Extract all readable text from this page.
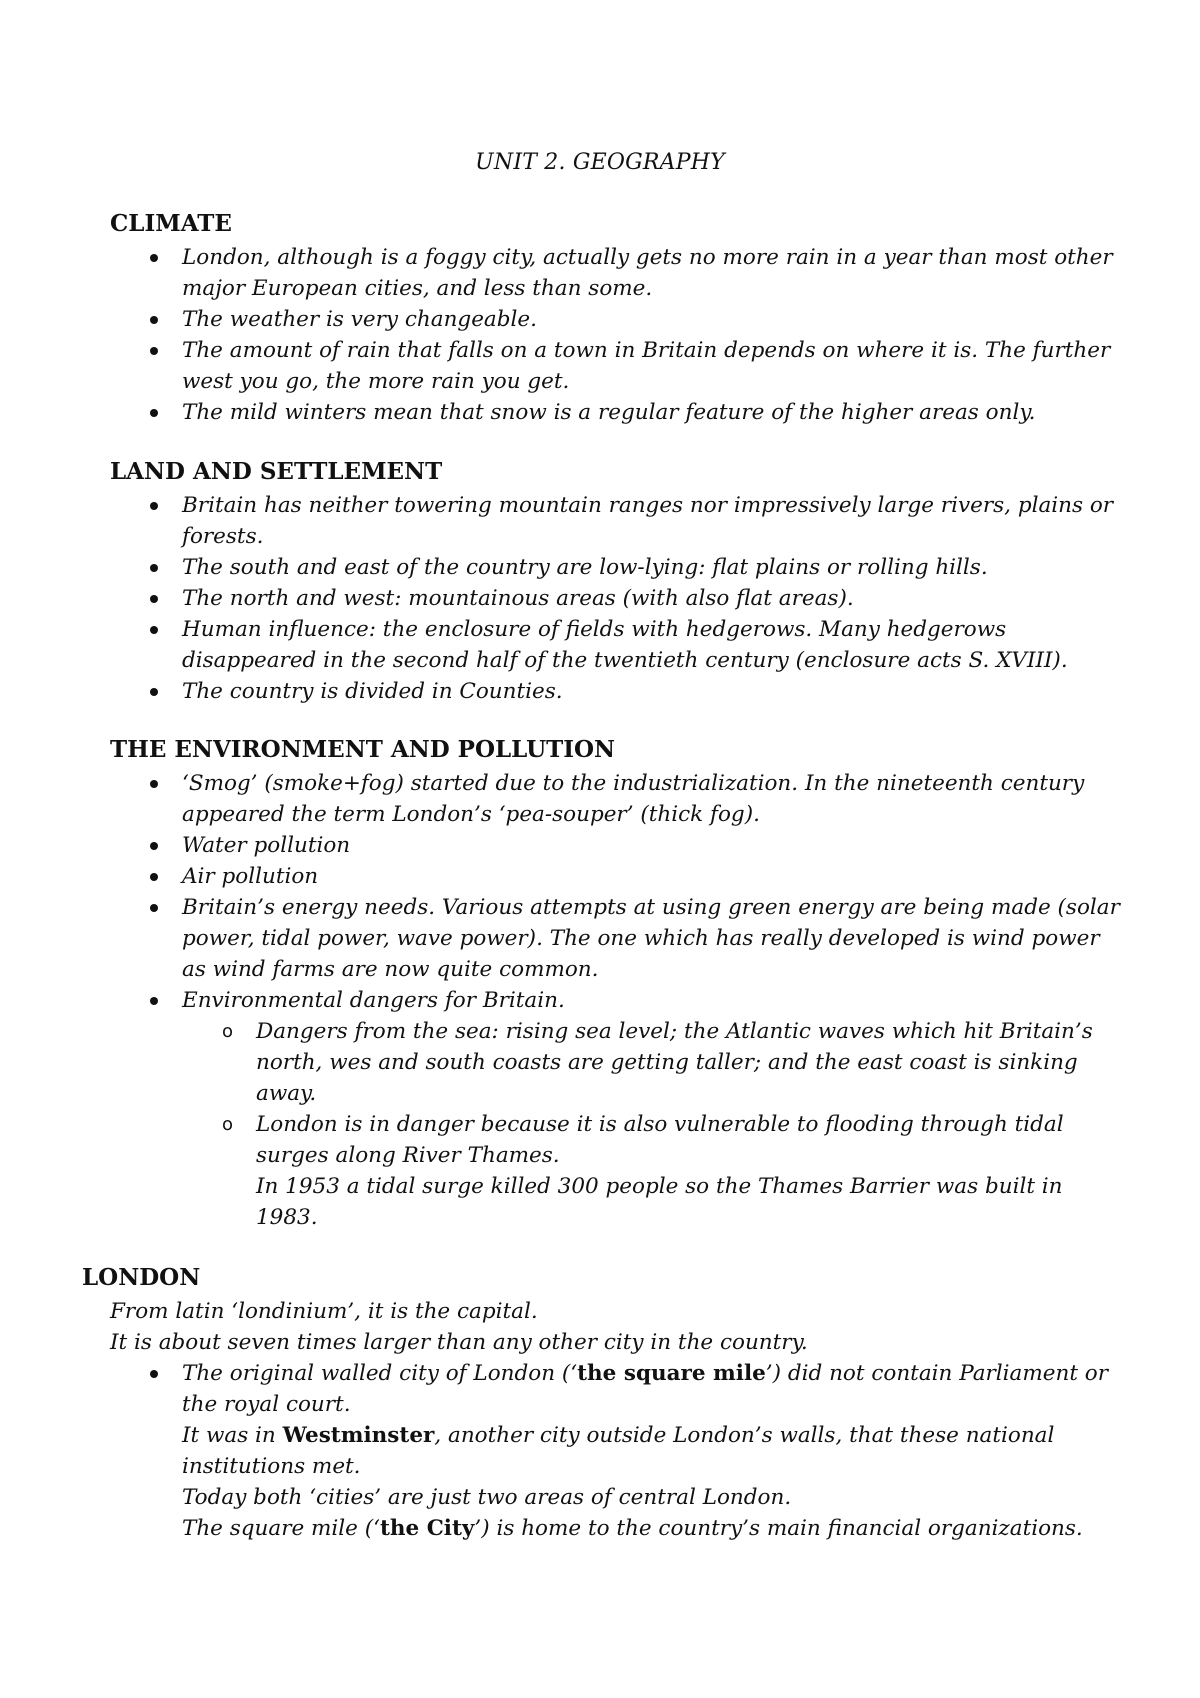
UNIT 2. GEOGRAPHY
CLIMATE
London, although is a foggy city, actually gets no more rain in a year than most other major European cities, and less than some.
The weather is very changeable.
The amount of rain that falls on a town in Britain depends on where it is. The further west you go, the more rain you get.
The mild winters mean that snow is a regular feature of the higher areas only.
LAND AND SETTLEMENT
Britain has neither towering mountain ranges nor impressively large rivers, plains or forests.
The south and east of the country are low-lying: flat plains or rolling hills.
The north and west: mountainous areas (with also flat areas).
Human influence: the enclosure of fields with hedgerows. Many hedgerows disappeared in the second half of the twentieth century (enclosure acts S. XVIII).
The country is divided in Counties.
THE ENVIRONMENT AND POLLUTION
‘Smog’ (smoke+fog) started due to the industrialization. In the nineteenth century appeared the term London’s ‘pea-souper’ (thick fog).
Water pollution
Air pollution
Britain’s energy needs. Various attempts at using green energy are being made (solar power, tidal power, wave power). The one which has really developed is wind power as wind farms are now quite common.
Environmental dangers for Britain.
o Dangers from the sea: rising sea level; the Atlantic waves which hit Britain’s north, wes and south coasts are getting taller; and the east coast is sinking away.
o London is in danger because it is also vulnerable to flooding through tidal surges along River Thames.
In 1953 a tidal surge killed 300 people so the Thames Barrier was built in 1983.
LONDON
From latin ‘londinium’, it is the capital.
It is about seven times larger than any other city in the country.
The original walled city of London (‘the square mile’) did not contain Parliament or the royal court.
It was in Westminster, another city outside London’s walls, that these national institutions met.
Today both ‘cities’ are just two areas of central London.
The square mile (‘the City’) is home to the country’s main financial organizations.
